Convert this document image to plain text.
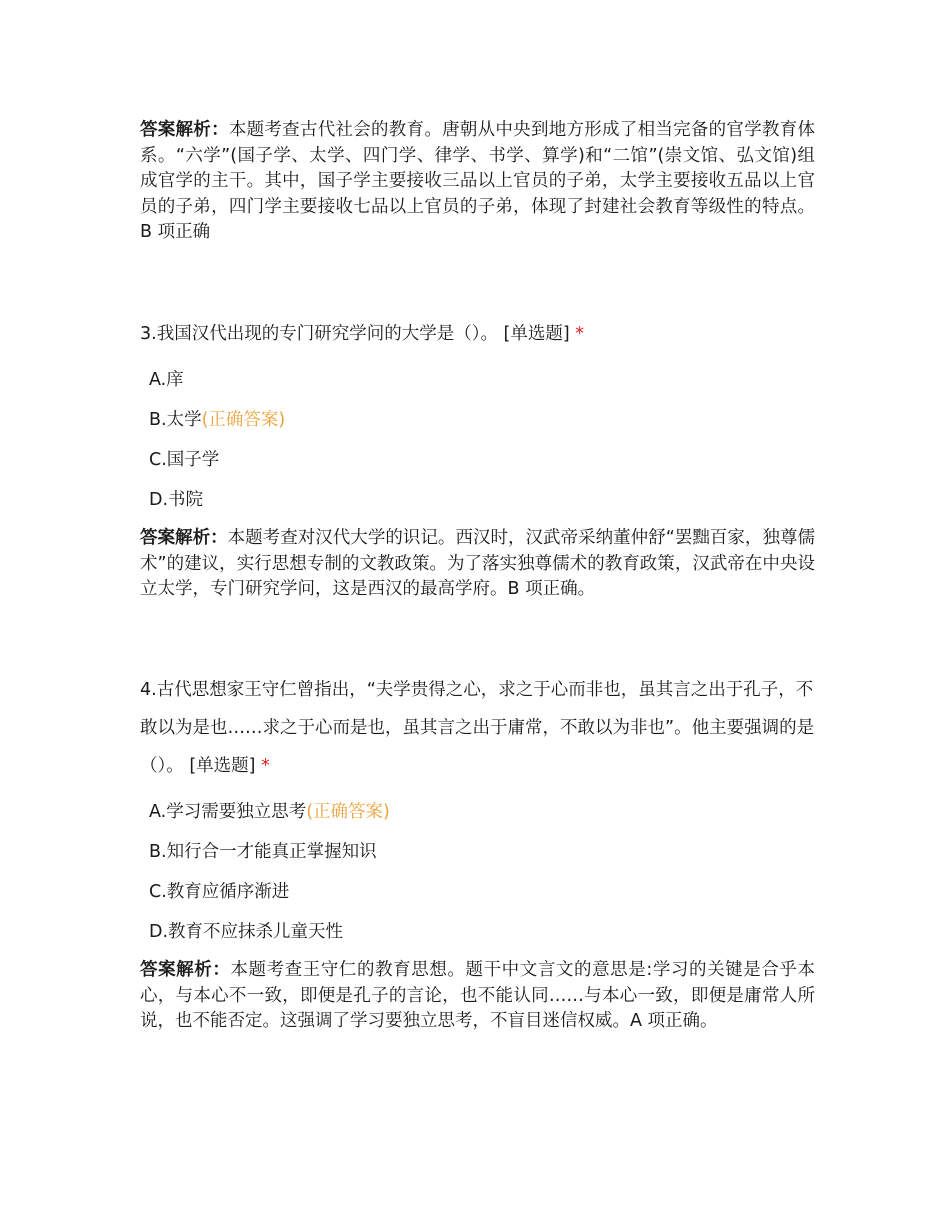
答案解析：本题考查古代社会的教育。唐朝从中央到地方形成了相当完备的官学教育体系。“六学”(国子学、太学、四门学、律学、书学、算学)和“二馆”(崇文馆、弘文馆)组成官学的主干。其中，国子学主要接收三品以上官员的子弟，太学主要接收五品以上官员的子弟，四门学主要接收七品以上官员的子弟，体现了封建社会教育等级性的特点。B 项正确
3.我国汉代出现的专门研究学问的大学是（）。 [单选题] *
A.庠
B.太学(正确答案)
C.国子学
D.书院
答案解析：本题考查对汉代大学的识记。西汉时，汉武帝采纳董仲舒“罢黜百家，独尊儒术”的建议，实行思想专制的文教政策。为了落实独尊儒术的教育政策，汉武帝在中央设立太学，专门研究学问，这是西汉的最高学府。B 项正确。
4.古代思想家王守仁曾指出，“夫学贵得之心，求之于心而非也，虽其言之出于孔子，不敢以为是也……求之于心而是也，虽其言之出于庸常，不敢以为非也”。他主要强调的是（）。 [单选题] *
A.学习需要独立思考(正确答案)
B.知行合一才能真正掌握知识
C.教育应循序渐进
D.教育不应抹杀儿童天性
答案解析：本题考查王守仁的教育思想。题干中文言文的意思是:学习的关键是合乎本心，与本心不一致，即便是孔子的言论，也不能认同……与本心一致，即便是庸常人所说，也不能否定。这强调了学习要独立思考，不盲目迷信权威。A 项正确。
